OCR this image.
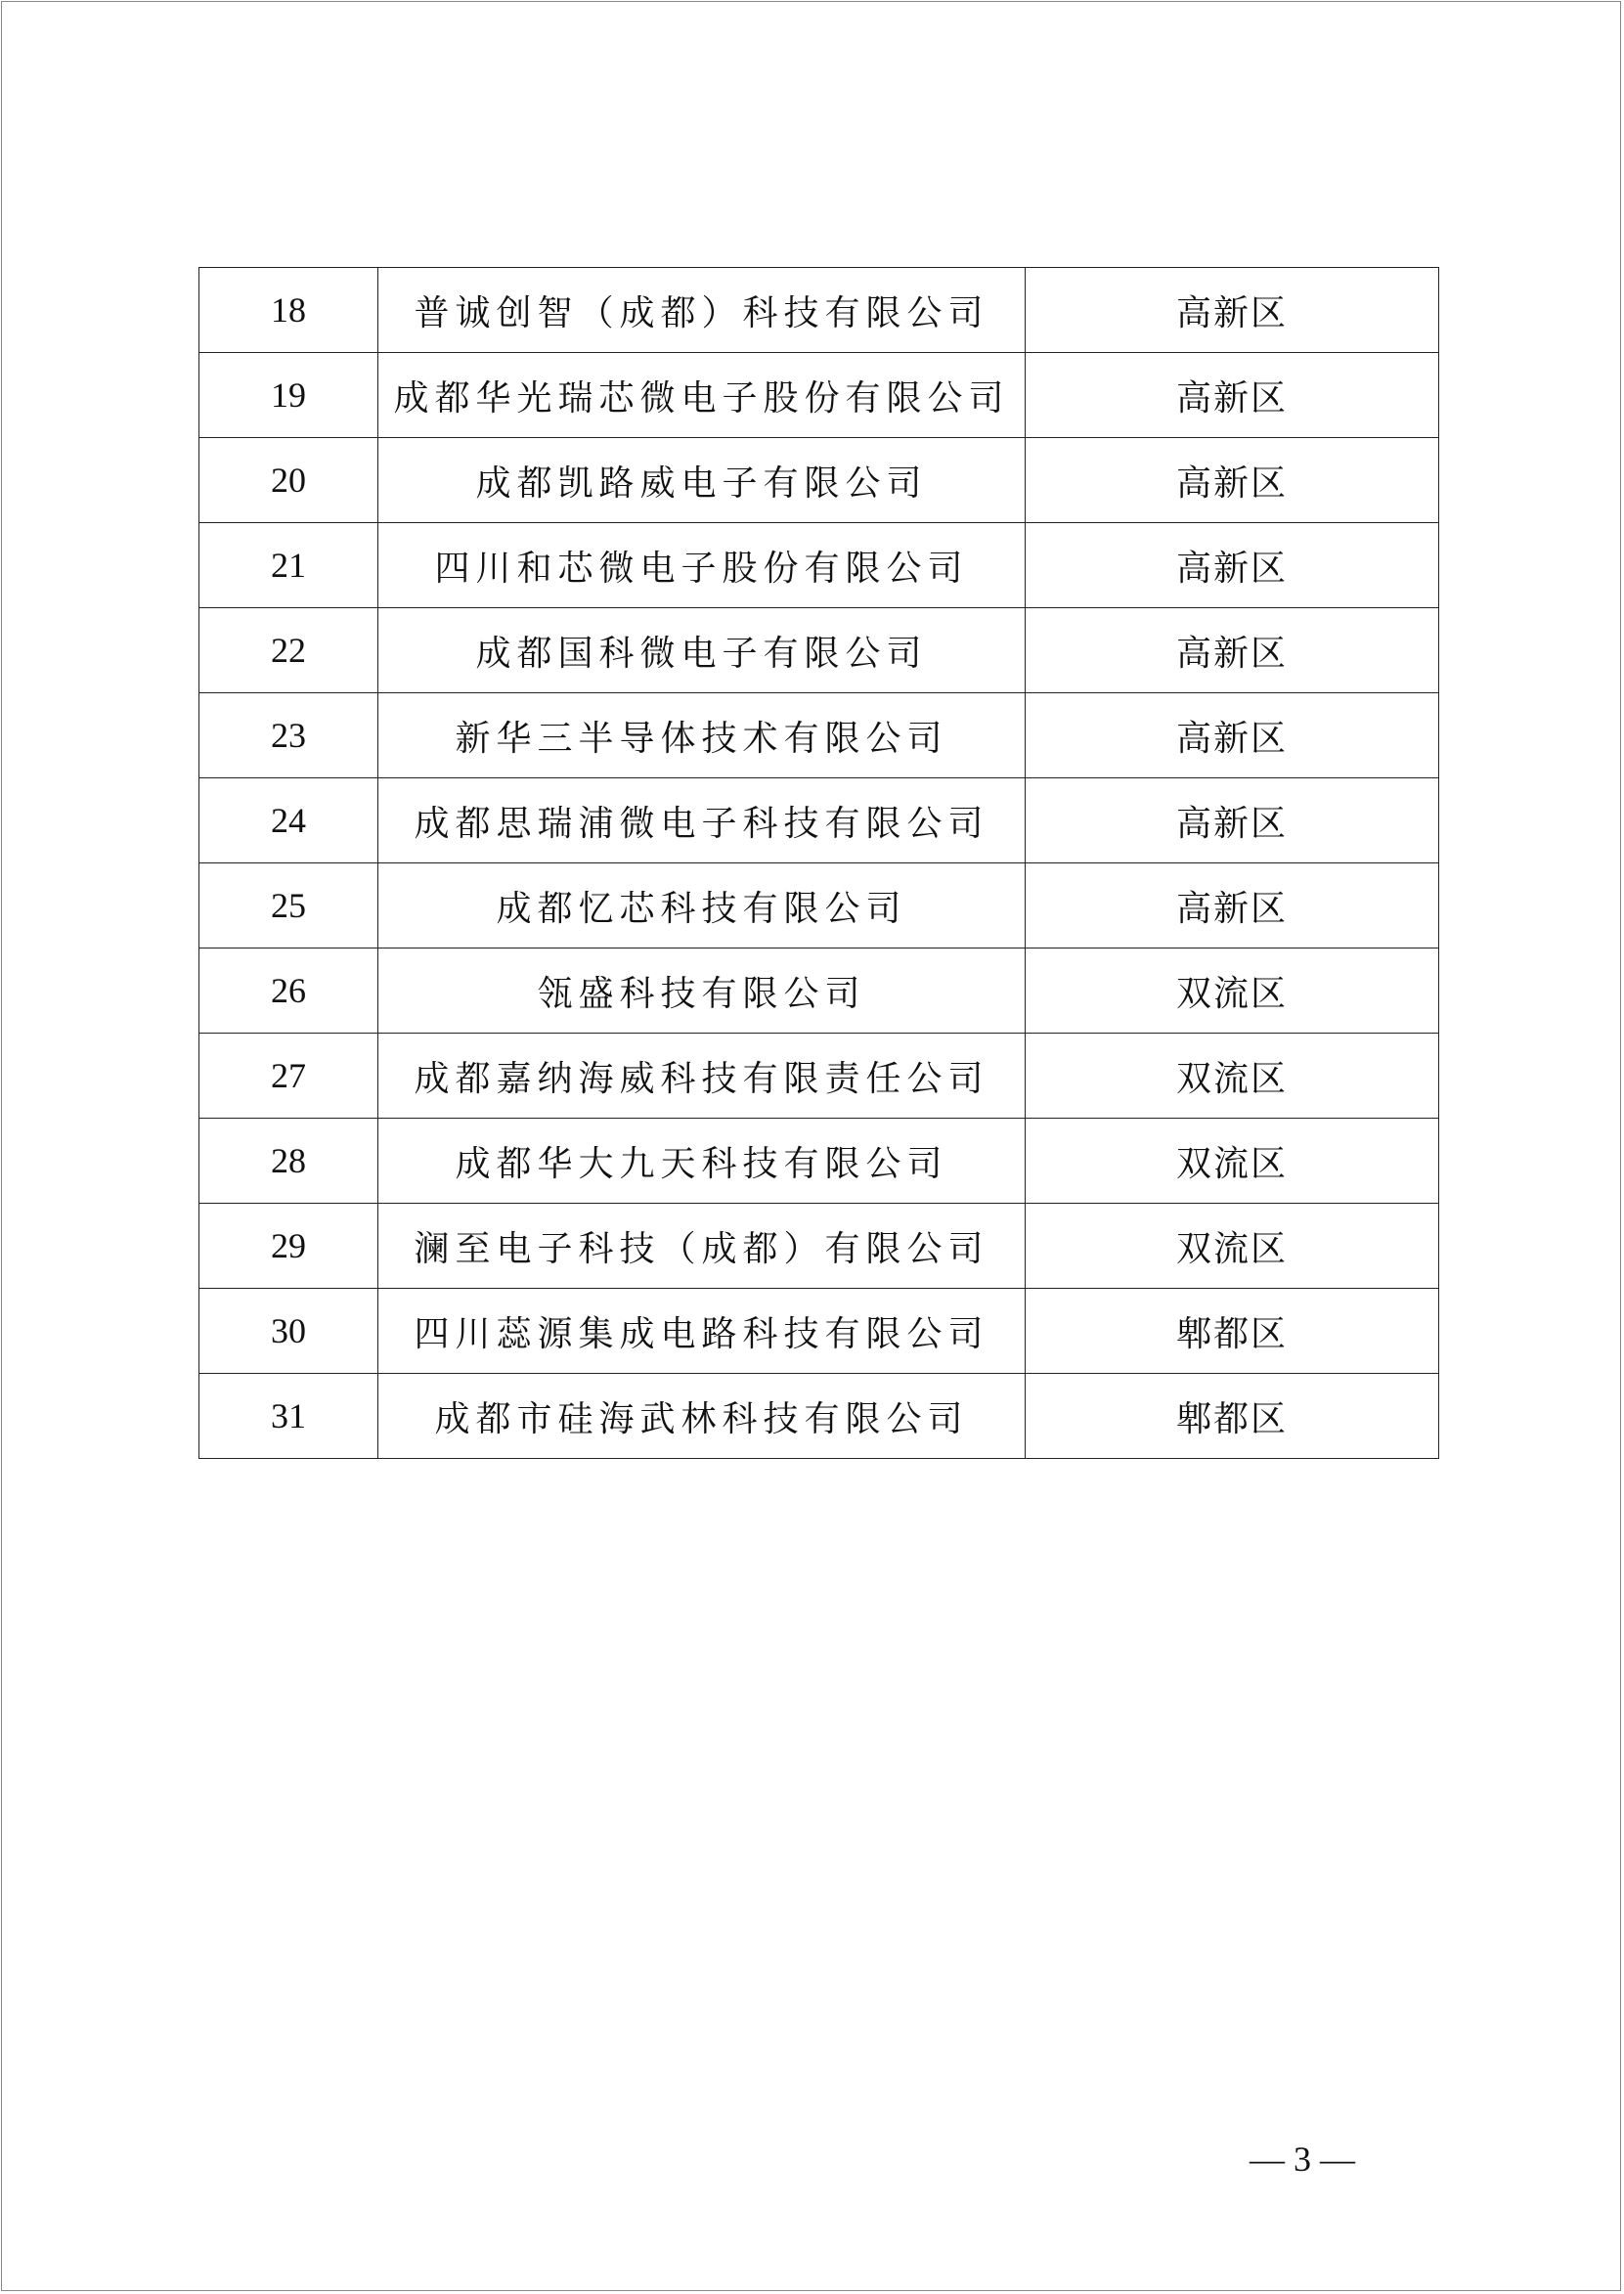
18	普诚创智（成都）科技有限公司	高新区
19	成都华光瑞芯微电子股份有限公司	高新区
20	成都凯路威电子有限公司	高新区
21	四川和芯微电子股份有限公司	高新区
22	成都国科微电子有限公司	高新区
23	新华三半导体技术有限公司	高新区
24	成都思瑞浦微电子科技有限公司	高新区
25	成都忆芯科技有限公司	高新区
26	瓴盛科技有限公司	双流区
27	成都嘉纳海威科技有限责任公司	双流区
28	成都华大九天科技有限公司	双流区
29	澜至电子科技（成都）有限公司	双流区
30	四川蕊源集成电路科技有限公司	郫都区
31	成都市硅海武林科技有限公司	郫都区
— 3 —
